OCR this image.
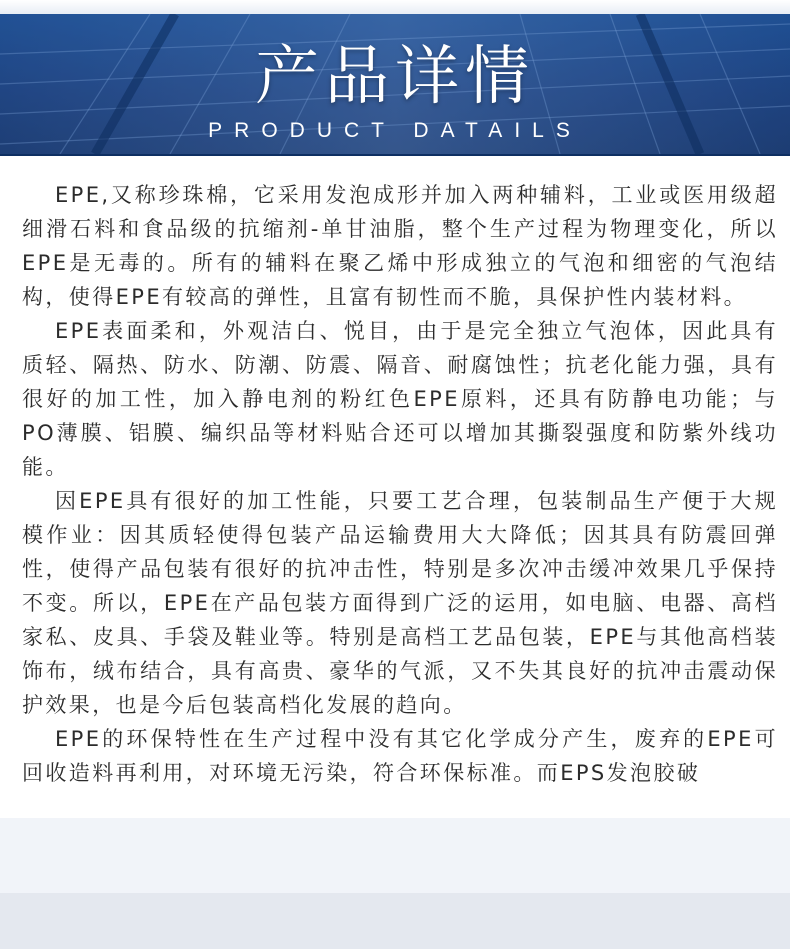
产品详情
PRODUCT DATAILS

EPE,又称珍珠棉，它采用发泡成形并加入两种辅料，工业或医用级超细滑石料和食品级的抗缩剂-单甘油脂，整个生产过程为物理变化，所以EPE是无毒的。所有的辅料在聚乙烯中形成独立的气泡和细密的气泡结构，使得EPE有较高的弹性，且富有韧性而不脆，具保护性内装材料。

EPE表面柔和，外观洁白、悦目，由于是完全独立气泡体，因此具有质轻、隔热、防水、防潮、防震、隔音、耐腐蚀性；抗老化能力强，具有很好的加工性，加入静电剂的粉红色EPE原料，还具有防静电功能；与PO薄膜、铝膜、编织品等材料贴合还可以增加其撕裂强度和防紫外线功能。

因EPE具有很好的加工性能，只要工艺合理，包装制品生产便于大规模作业：因其质轻使得包装产品运输费用大大降低；因其具有防震回弹性，使得产品包装有很好的抗冲击性，特别是多次冲击缓冲效果几乎保持不变。所以，EPE在产品包装方面得到广泛的运用，如电脑、电器、高档家私、皮具、手袋及鞋业等。特别是高档工艺品包装，EPE与其他高档装饰布，绒布结合，具有高贵、豪华的气派，又不失其良好的抗冲击震动保护效果，也是今后包装高档化发展的趋向。

EPE的环保特性在生产过程中没有其它化学成分产生，废弃的EPE可回收造料再利用，对环境无污染，符合环保标准。而EPS发泡胶破
